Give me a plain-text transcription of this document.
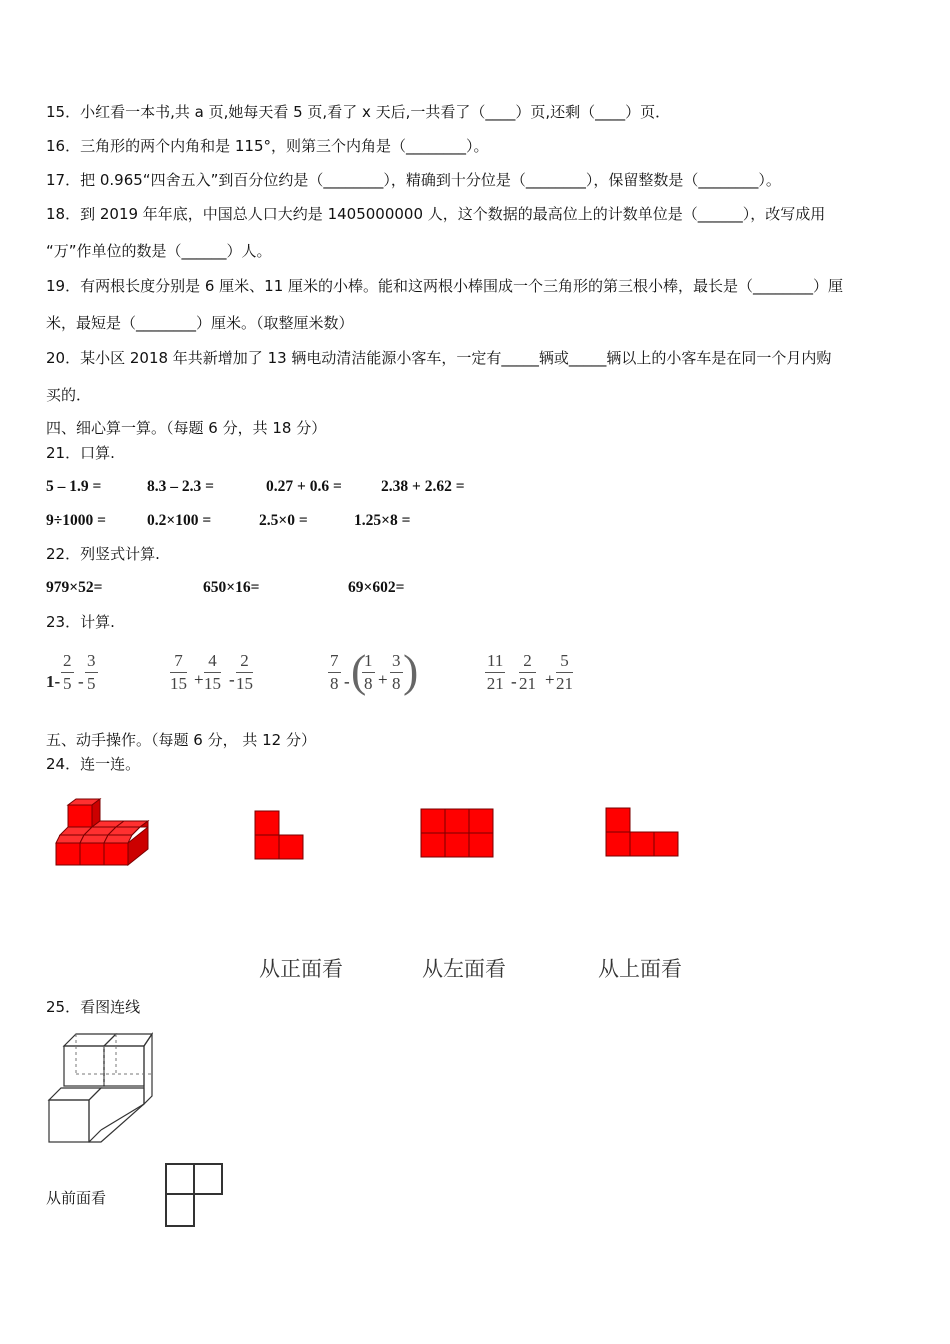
15．小红看一本书,共 a 页,她每天看 5 页,看了 x 天后,一共看了（____）页,还剩（____）页．
16．三角形的两个内角和是 115°，则第三个内角是（________）。
17．把 0.965“四舍五入”到百分位约是（________），精确到十分位是（________），保留整数是（________）。
18．到 2019 年年底，中国总人口大约是 1405000000 人，这个数据的最高位上的计数单位是（______），改写成用
“万”作单位的数是（______）人。
19．有两根长度分别是 6 厘米、11 厘米的小棒。能和这两根小棒围成一个三角形的第三根小棒，最长是（________）厘
米，最短是（________）厘米。（取整厘米数）
20．某小区 2018 年共新增加了 13 辆电动清洁能源小客车，一定有_____辆或_____辆以上的小客车是在同一个月内购
买的．
四、细心算一算。（每题 6 分，共 18 分）
21．口算.
5 – 1.9 =	8.3 – 2.3 =	0.27 + 0.6 =	2.38 + 2.62 =
9÷1000 =	0.2×100 =	2.5×0 =	1.25×8 =
22．列竖式计算.
979×52=	650×16=	69×602=
23．计算.
$1- \frac{2}{5} - \frac{3}{5}$	$\frac{7}{15} + \frac{4}{15} - \frac{2}{15}$	$\frac{7}{8}$ - (
$\frac{1}{8} + \frac{3}{8}$ )	$\frac{11}{21} - \frac{2}{21} + \frac{5}{21}$
五、动手操作。（每题 6 分， 共 12 分）
24．连一连。
从正面看	从左面看	从上面看
25．看图连线
从前面看
